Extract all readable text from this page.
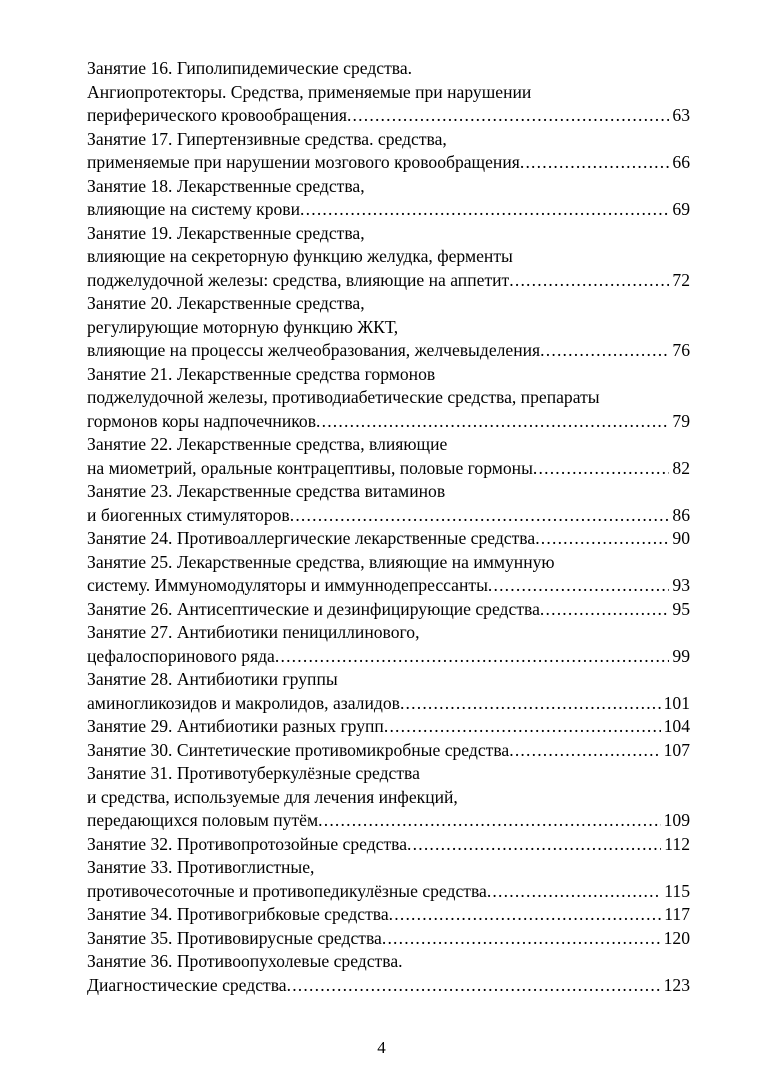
Занятие 16. Гиполипидемические средства.
Ангиопротекторы. Средства, применяемые при нарушении
периферического кровообращения . . .	63
Занятие 17. Гипертензивные средства. средства,
применяемые при нарушении мозгового кровообращения . . .	66
Занятие 18. Лекарственные средства,
влияющие на систему крови . . .	69
Занятие 19. Лекарственные средства,
влияющие на секреторную функцию желудка, ферменты
поджелудочной железы: средства, влияющие на аппетит . . .	72
Занятие 20. Лекарственные средства,
регулирующие моторную функцию ЖКТ,
влияющие на процессы желчеобразования, желчевыделения . . .	76
Занятие 21. Лекарственные средства гормонов
поджелудочной железы, противодиабетические средства, препараты
гормонов коры надпочечников . . .	79
Занятие 22. Лекарственные средства, влияющие
на миометрий, оральные контрацептивы, половые гормоны . . .	82
Занятие 23. Лекарственные средства витаминов
и биогенных стимуляторов . . .	86
Занятие 24. Противоаллергические лекарственные средства . . .	90
Занятие 25. Лекарственные средства, влияющие на иммунную
систему. Иммуномодуляторы и иммуннодепрессанты . . .	93
Занятие 26. Антисептические и дезинфицирующие средства . . .	95
Занятие 27. Антибиотики пенициллинового,
цефалоспоринового ряда . . .	99
Занятие 28. Антибиотики группы
аминогликозидов и макролидов, азалидов . . .	101
Занятие 29. Антибиотики разных групп . . .	104
Занятие 30. Синтетические противомикробные средства . . .	107
Занятие 31. Противотуберкулёзные средства
и средства, используемые для лечения инфекций,
передающихся половым путём . . .	109
Занятие 32. Противопротозойные средства . . .	112
Занятие 33. Противоглистные,
противочесоточные и противопедикулёзные средства . . .	115
Занятие 34. Противогрибковые средства . . .	117
Занятие 35. Противовирусные средства . . .	120
Занятие 36. Противоопухолевые средства.
Диагностические средства . . .	123
4
